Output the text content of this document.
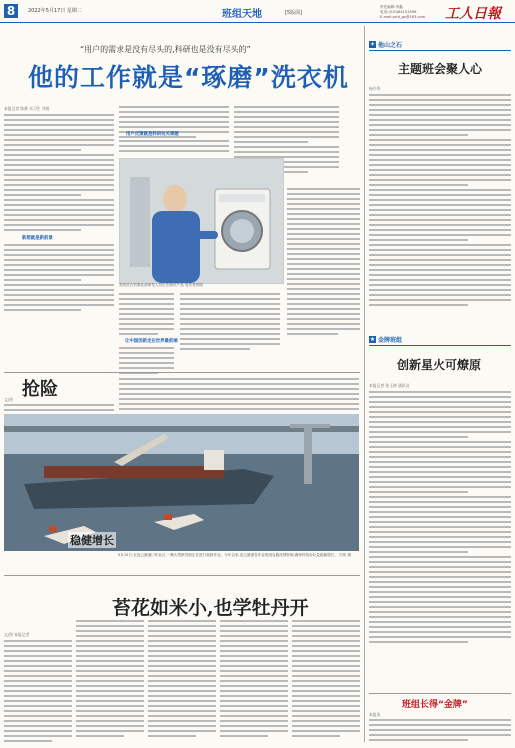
8	2022年5月17日 星期二	班组天地	[5版面]
责任编辑:李鑫
电话:(010)84151598
E-mail:grrb_gz@163.com 工人日報
“用户的需求是没有尽头的,科研也是没有尽头的”
他的工作就是“琢磨”洗衣机
本报记者 陈辉 实习生 邓悦
新想就是新前景
用户反馈就是科研攻关课题
美的洗衣机事业部研发人员正在测试产品 受访者供图
让中国创新走在世界最前端
抢险
文/图
稳健增长
5月15日,在连云港港口作业区,一艘大型散货船正在进行装卸作业。今年以来,连云港港各作业班组克服疫情影响,确保货物吞吐量稳健增长。 司伟 摄
苔花如米小,也学牡丹开
文/图 本报记者
✦ 他山之石
主题班会聚人心
杨兴华
★ 金牌班组
创新星火可燎原
本报记者 张玉林 通讯员
班组长得“金牌”
本报讯
